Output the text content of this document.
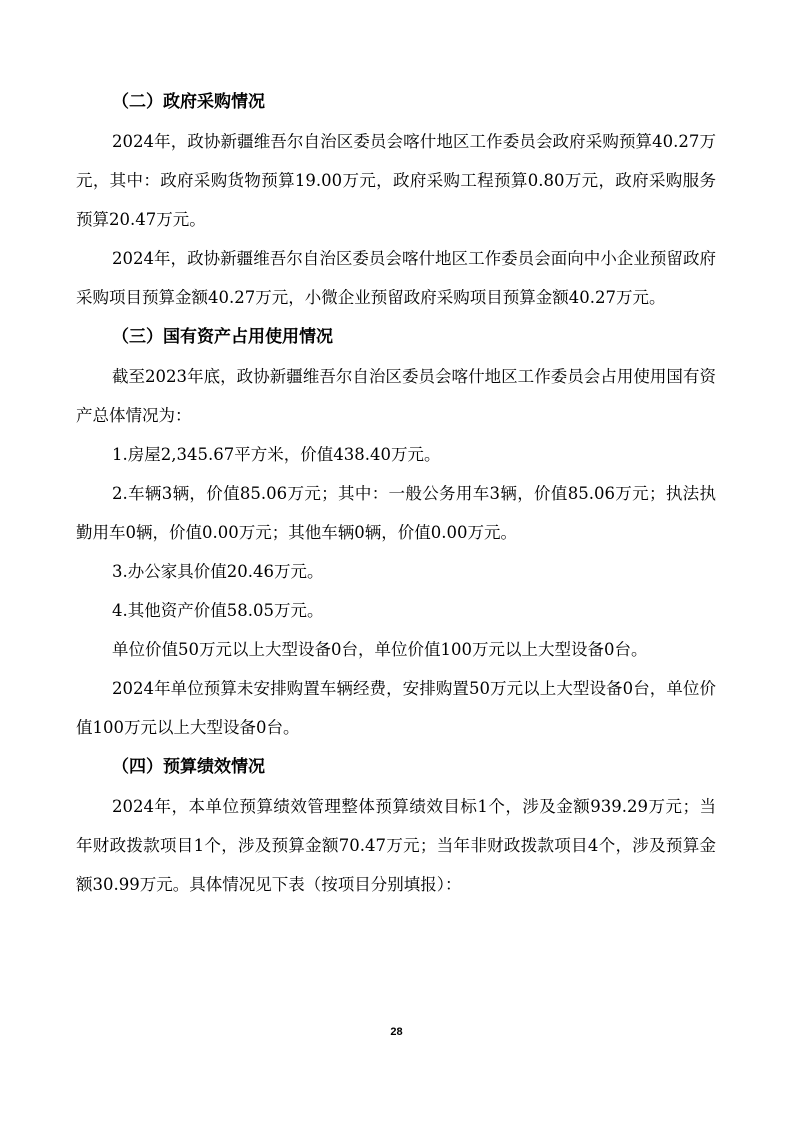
（二）政府采购情况

2024年，政协新疆维吾尔自治区委员会喀什地区工作委员会政府采购预算40.27万元，其中：政府采购货物预算19.00万元，政府采购工程预算0.80万元，政府采购服务预算20.47万元。

2024年，政协新疆维吾尔自治区委员会喀什地区工作委员会面向中小企业预留政府采购项目预算金额40.27万元，小微企业预留政府采购项目预算金额40.27万元。

（三）国有资产占用使用情况

截至2023年底，政协新疆维吾尔自治区委员会喀什地区工作委员会占用使用国有资产总体情况为：

1.房屋2,345.67平方米，价值438.40万元。

2.车辆3辆，价值85.06万元；其中：一般公务用车3辆，价值85.06万元；执法执勤用车0辆，价值0.00万元；其他车辆0辆，价值0.00万元。

3.办公家具价值20.46万元。

4.其他资产价值58.05万元。

单位价值50万元以上大型设备0台，单位价值100万元以上大型设备0台。

2024年单位预算未安排购置车辆经费，安排购置50万元以上大型设备0台，单位价值100万元以上大型设备0台。

（四）预算绩效情况

2024年，本单位预算绩效管理整体预算绩效目标1个，涉及金额939.29万元；当年财政拨款项目1个，涉及预算金额70.47万元；当年非财政拨款项目4个，涉及预算金额30.99万元。具体情况见下表（按项目分别填报）：

28
